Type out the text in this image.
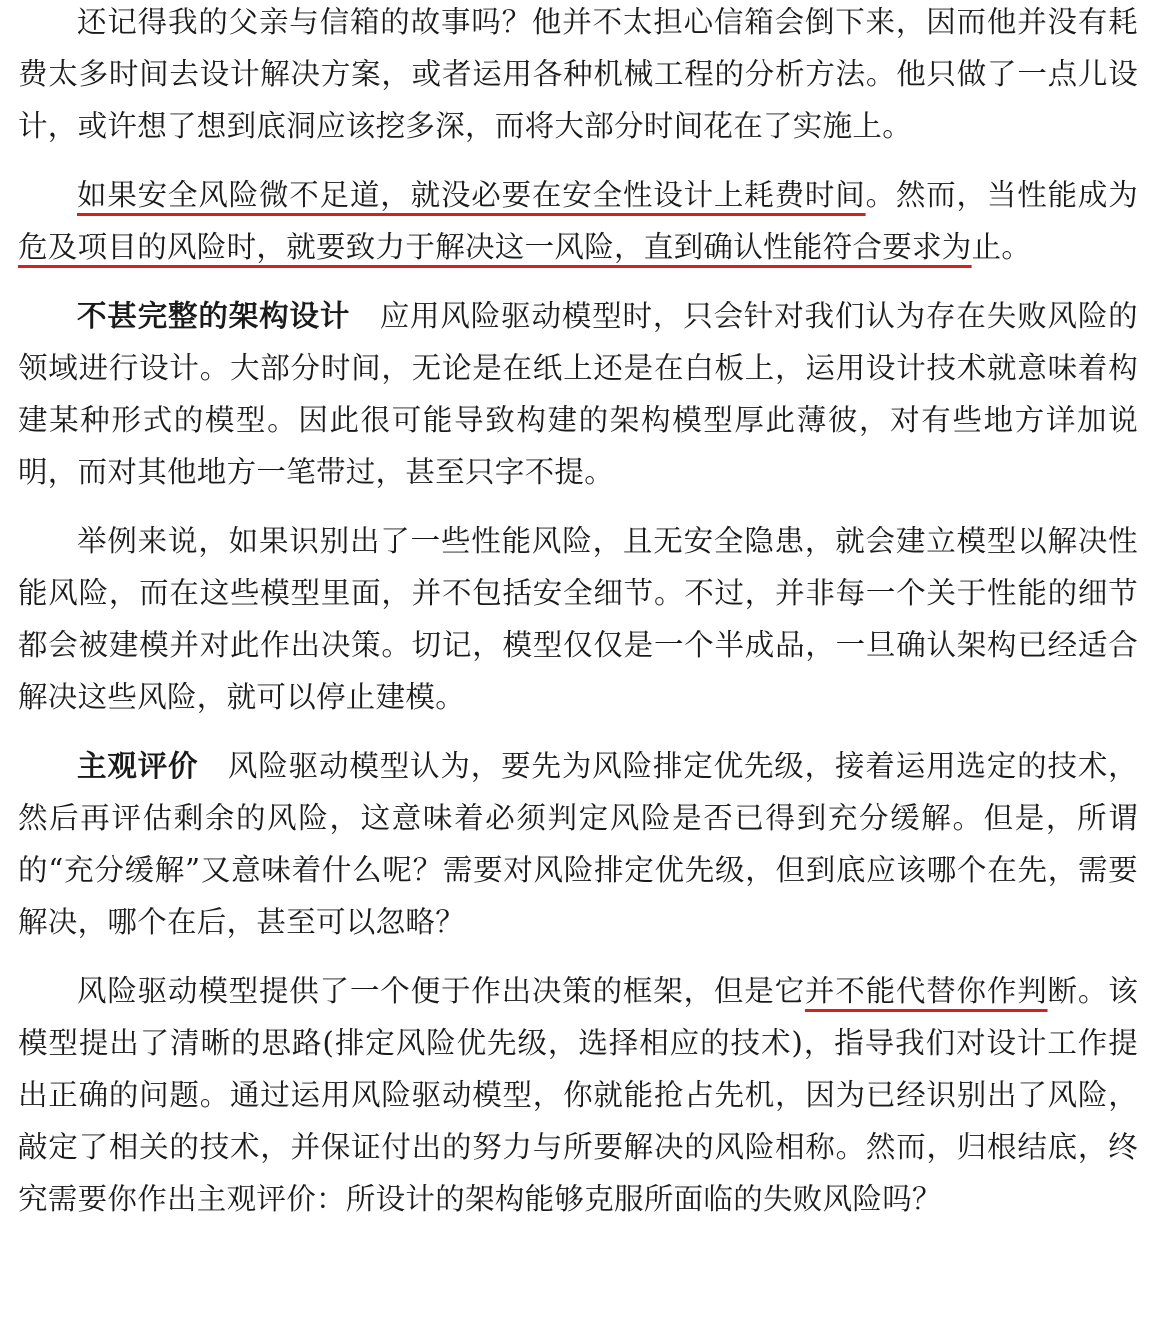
还记得我的父亲与信箱的故事吗？他并不太担心信箱会倒下来，因而他并没有耗费太多时间去设计解决方案，或者运用各种机械工程的分析方法。他只做了一点儿设计，或许想了想到底洞应该挖多深，而将大部分时间花在了实施上。

如果安全风险微不足道，就没必要在安全性设计上耗费时间。然而，当性能成为危及项目的风险时，就要致力于解决这一风险，直到确认性能符合要求为止。

不甚完整的架构设计 应用风险驱动模型时，只会针对我们认为存在失败风险的领域进行设计。大部分时间，无论是在纸上还是在白板上，运用设计技术就意味着构建某种形式的模型。因此很可能导致构建的架构模型厚此薄彼，对有些地方详加说明，而对其他地方一笔带过，甚至只字不提。

举例来说，如果识别出了一些性能风险，且无安全隐患，就会建立模型以解决性能风险，而在这些模型里面，并不包括安全细节。不过，并非每一个关于性能的细节都会被建模并对此作出决策。切记，模型仅仅是一个半成品，一旦确认架构已经适合解决这些风险，就可以停止建模。

主观评价 风险驱动模型认为，要先为风险排定优先级，接着运用选定的技术，然后再评估剩余的风险，这意味着必须判定风险是否已得到充分缓解。但是，所谓的“充分缓解”又意味着什么呢？需要对风险排定优先级，但到底应该哪个在先，需要解决，哪个在后，甚至可以忽略？

风险驱动模型提供了一个便于作出决策的框架，但是它并不能代替你作判断。该模型提出了清晰的思路(排定风险优先级，选择相应的技术)，指导我们对设计工作提出正确的问题。通过运用风险驱动模型，你就能抢占先机，因为已经识别出了风险，敲定了相关的技术，并保证付出的努力与所要解决的风险相称。然而，归根结底，终究需要你作出主观评价：所设计的架构能够克服所面临的失败风险吗？
